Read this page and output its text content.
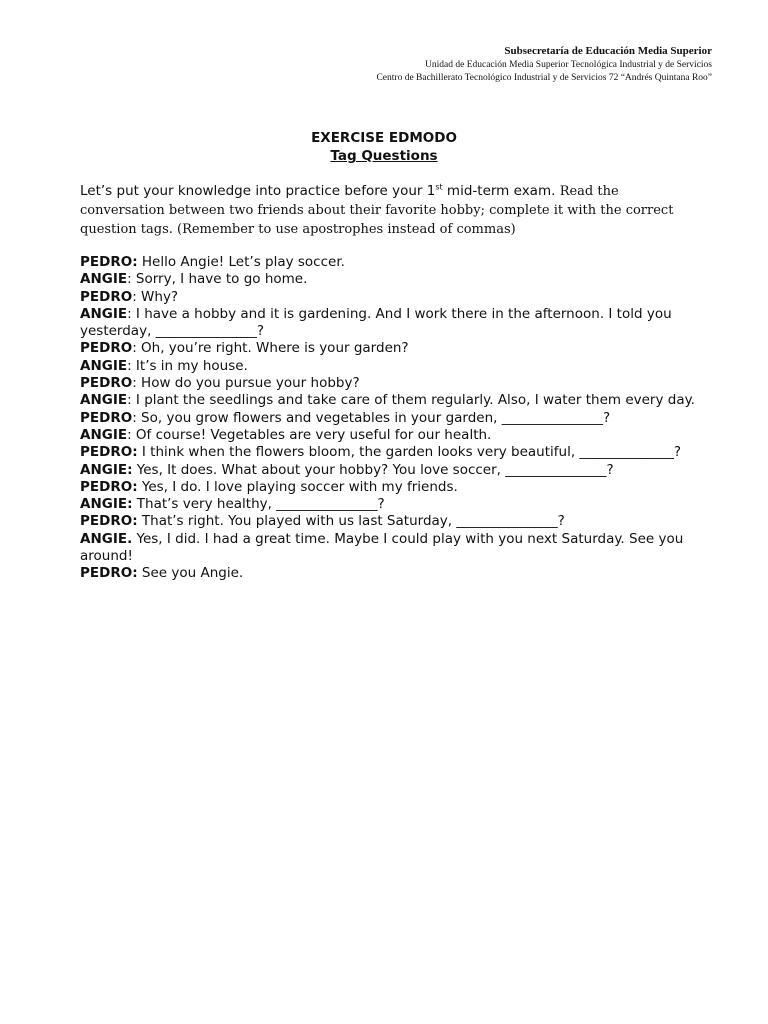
Subsecretaría de Educación Media Superior
Unidad de Educación Media Superior Tecnológica Industrial y de Servicios
Centro de Bachillerato Tecnológico Industrial y de Servicios 72 “Andrés Quintana Roo”
EXERCISE EDMODO
Tag Questions
Let’s put your knowledge into practice before your 1st mid-term exam. Read the conversation between two friends about their favorite hobby; complete it with the correct question tags. (Remember to use apostrophes instead of commas)

PEDRO: Hello Angie! Let’s play soccer.

ANGIE: Sorry, I have to go home.

PEDRO: Why?

ANGIE: I have a hobby and it is gardening. And I work there in the afternoon. I told you yesterday, _______________?

PEDRO: Oh, you’re right. Where is your garden?

ANGIE: It’s in my house.

PEDRO: How do you pursue your hobby?

ANGIE: I plant the seedlings and take care of them regularly. Also, I water them every day.

PEDRO: So, you grow flowers and vegetables in your garden, _______________?

ANGIE: Of course! Vegetables are very useful for our health.

PEDRO: I think when the flowers bloom, the garden looks very beautiful, ______________?

ANGIE: Yes, It does. What about your hobby? You love soccer, _______________?

PEDRO: Yes, I do. I love playing soccer with my friends.

ANGIE: That’s very healthy, _______________?

PEDRO: That’s right. You played with us last Saturday, _______________?

ANGIE. Yes, I did. I had a great time. Maybe I could play with you next Saturday. See you around!

PEDRO: See you Angie.
